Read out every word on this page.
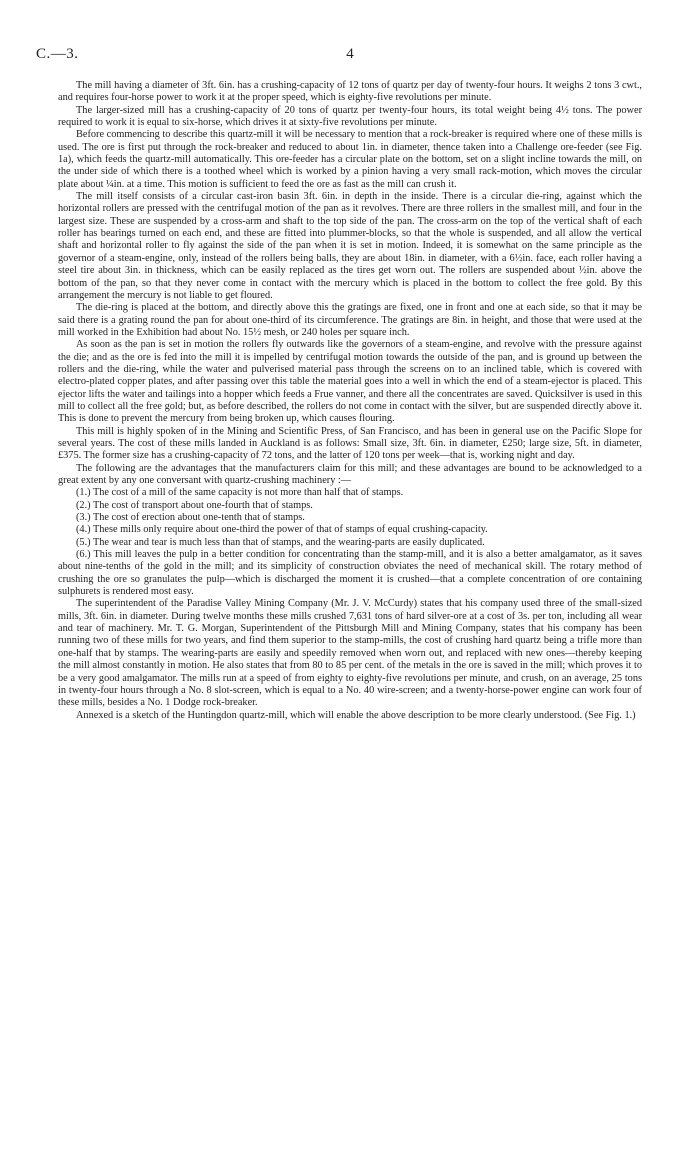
C.—3.	4

The mill having a diameter of 3ft. 6in. has a crushing-capacity of 12 tons of quartz per day of twenty-four hours. It weighs 2 tons 3 cwt., and requires four-horse power to work it at the proper speed, which is eighty-five revolutions per minute.

The larger-sized mill has a crushing-capacity of 20 tons of quartz per twenty-four hours, its total weight being 4½ tons. The power required to work it is equal to six-horse, which drives it at sixty-five revolutions per minute.

Before commencing to describe this quartz-mill it will be necessary to mention that a rock-breaker is required where one of these mills is used. The ore is first put through the rock-breaker and reduced to about 1in. in diameter, thence taken into a Challenge ore-feeder (see Fig. 1a), which feeds the quartz-mill automatically. This ore-feeder has a circular plate on the bottom, set on a slight incline towards the mill, on the under side of which there is a toothed wheel which is worked by a pinion having a very small rack-motion, which moves the circular plate about ¼in. at a time. This motion is sufficient to feed the ore as fast as the mill can crush it.

The mill itself consists of a circular cast-iron basin 3ft. 6in. in depth in the inside. There is a circular die-ring, against which the horizontal rollers are pressed with the centrifugal motion of the pan as it revolves. There are three rollers in the smallest mill, and four in the largest size. These are suspended by a cross-arm and shaft to the top side of the pan. The cross-arm on the top of the vertical shaft of each roller has bearings turned on each end, and these are fitted into plummer-blocks, so that the whole is suspended, and all allow the vertical shaft and horizontal roller to fly against the side of the pan when it is set in motion. Indeed, it is somewhat on the same principle as the governor of a steam-engine, only, instead of the rollers being balls, they are about 18in. in diameter, with a 6½in. face, each roller having a steel tire about 3in. in thickness, which can be easily replaced as the tires get worn out. The rollers are suspended about ½in. above the bottom of the pan, so that they never come in contact with the mercury which is placed in the bottom to collect the free gold. By this arrangement the mercury is not liable to get floured.

The die-ring is placed at the bottom, and directly above this the gratings are fixed, one in front and one at each side, so that it may be said there is a grating round the pan for about one-third of its circumference. The gratings are 8in. in height, and those that were used at the mill worked in the Exhibition had about No. 15½ mesh, or 240 holes per square inch.

As soon as the pan is set in motion the rollers fly outwards like the governors of a steam-engine, and revolve with the pressure against the die; and as the ore is fed into the mill it is impelled by centrifugal motion towards the outside of the pan, and is ground up between the rollers and the die-ring, while the water and pulverised material pass through the screens on to an inclined table, which is covered with electro-plated copper plates, and after passing over this table the material goes into a well in which the end of a steam-ejector is placed. This ejector lifts the water and tailings into a hopper which feeds a Frue vanner, and there all the concentrates are saved. Quicksilver is used in this mill to collect all the free gold; but, as before described, the rollers do not come in contact with the silver, but are suspended directly above it. This is done to prevent the mercury from being broken up, which causes flouring.

This mill is highly spoken of in the Mining and Scientific Press, of San Francisco, and has been in general use on the Pacific Slope for several years. The cost of these mills landed in Auckland is as follows: Small size, 3ft. 6in. in diameter, £250; large size, 5ft. in diameter, £375. The former size has a crushing-capacity of 72 tons, and the latter of 120 tons per week—that is, working night and day.

The following are the advantages that the manufacturers claim for this mill; and these advantages are bound to be acknowledged to a great extent by any one conversant with quartz-crushing machinery :—

(1.) The cost of a mill of the same capacity is not more than half that of stamps.

(2.) The cost of transport about one-fourth that of stamps.

(3.) The cost of erection about one-tenth that of stamps.

(4.) These mills only require about one-third the power of that of stamps of equal crushing-capacity.

(5.) The wear and tear is much less than that of stamps, and the wearing-parts are easily duplicated.

(6.) This mill leaves the pulp in a better condition for concentrating than the stamp-mill, and it is also a better amalgamator, as it saves about nine-tenths of the gold in the mill; and its simplicity of construction obviates the need of mechanical skill. The rotary method of crushing the ore so granulates the pulp—which is discharged the moment it is crushed—that a complete concentration of ore containing sulphurets is rendered most easy.

The superintendent of the Paradise Valley Mining Company (Mr. J. V. McCurdy) states that his company used three of the small-sized mills, 3ft. 6in. in diameter. During twelve months these mills crushed 7,631 tons of hard silver-ore at a cost of 3s. per ton, including all wear and tear of machinery. Mr. T. G. Morgan, Superintendent of the Pittsburgh Mill and Mining Company, states that his company has been running two of these mills for two years, and find them superior to the stamp-mills, the cost of crushing hard quartz being a trifle more than one-half that by stamps. The wearing-parts are easily and speedily removed when worn out, and replaced with new ones—thereby keeping the mill almost constantly in motion. He also states that from 80 to 85 per cent. of the metals in the ore is saved in the mill; which proves it to be a very good amalgamator. The mills run at a speed of from eighty to eighty-five revolutions per minute, and crush, on an average, 25 tons in twenty-four hours through a No. 8 slot-screen, which is equal to a No. 40 wire-screen; and a twenty-horse-power engine can work four of these mills, besides a No. 1 Dodge rock-breaker.

Annexed is a sketch of the Huntingdon quartz-mill, which will enable the above description to be more clearly understood. (See Fig. 1.)
